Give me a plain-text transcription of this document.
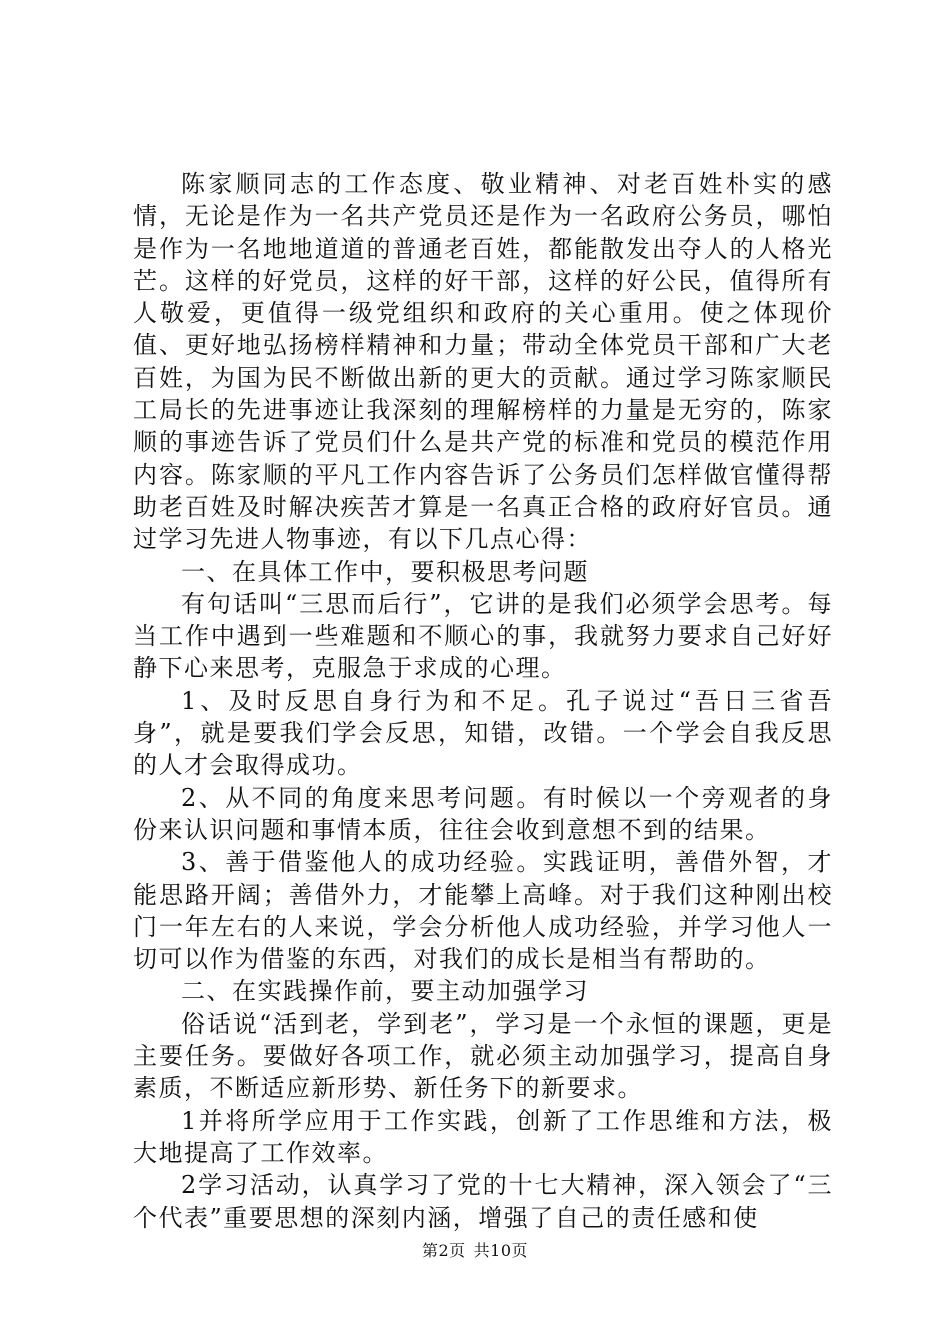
陈家顺同志的工作态度、敬业精神、对老百姓朴实的感情，无论是作为一名共产党员还是作为一名政府公务员，哪怕是作为一名地地道道的普通老百姓，都能散发出夺人的人格光芒。这样的好党员，这样的好干部，这样的好公民，值得所有人敬爱，更值得一级党组织和政府的关心重用。使之体现价值、更好地弘扬榜样精神和力量；带动全体党员干部和广大老百姓，为国为民不断做出新的更大的贡献。通过学习陈家顺民工局长的先进事迹让我深刻的理解榜样的力量是无穷的，陈家顺的事迹告诉了党员们什么是共产党的标准和党员的模范作用内容。陈家顺的平凡工作内容告诉了公务员们怎样做官懂得帮助老百姓及时解决疾苦才算是一名真正合格的政府好官员。通过学习先进人物事迹，有以下几点心得：

一、在具体工作中，要积极思考问题

有句话叫“三思而后行”，它讲的是我们必须学会思考。每当工作中遇到一些难题和不顺心的事，我就努力要求自己好好静下心来思考，克服急于求成的心理。

1、及时反思自身行为和不足。孔子说过“吾日三省吾身”，就是要我们学会反思，知错，改错。一个学会自我反思的人才会取得成功。

2、从不同的角度来思考问题。有时候以一个旁观者的身份来认识问题和事情本质，往往会收到意想不到的结果。

3、善于借鉴他人的成功经验。实践证明，善借外智，才能思路开阔；善借外力，才能攀上高峰。对于我们这种刚出校门一年左右的人来说，学会分析他人成功经验，并学习他人一切可以作为借鉴的东西，对我们的成长是相当有帮助的。

二、在实践操作前，要主动加强学习

俗话说“活到老，学到老”，学习是一个永恒的课题，更是主要任务。要做好各项工作，就必须主动加强学习，提高自身素质，不断适应新形势、新任务下的新要求。

1并将所学应用于工作实践，创新了工作思维和方法，极大地提高了工作效率。

2学习活动，认真学习了党的十七大精神，深入领会了“三个代表”重要思想的深刻内涵，增强了自己的责任感和使

第2页 共10页
